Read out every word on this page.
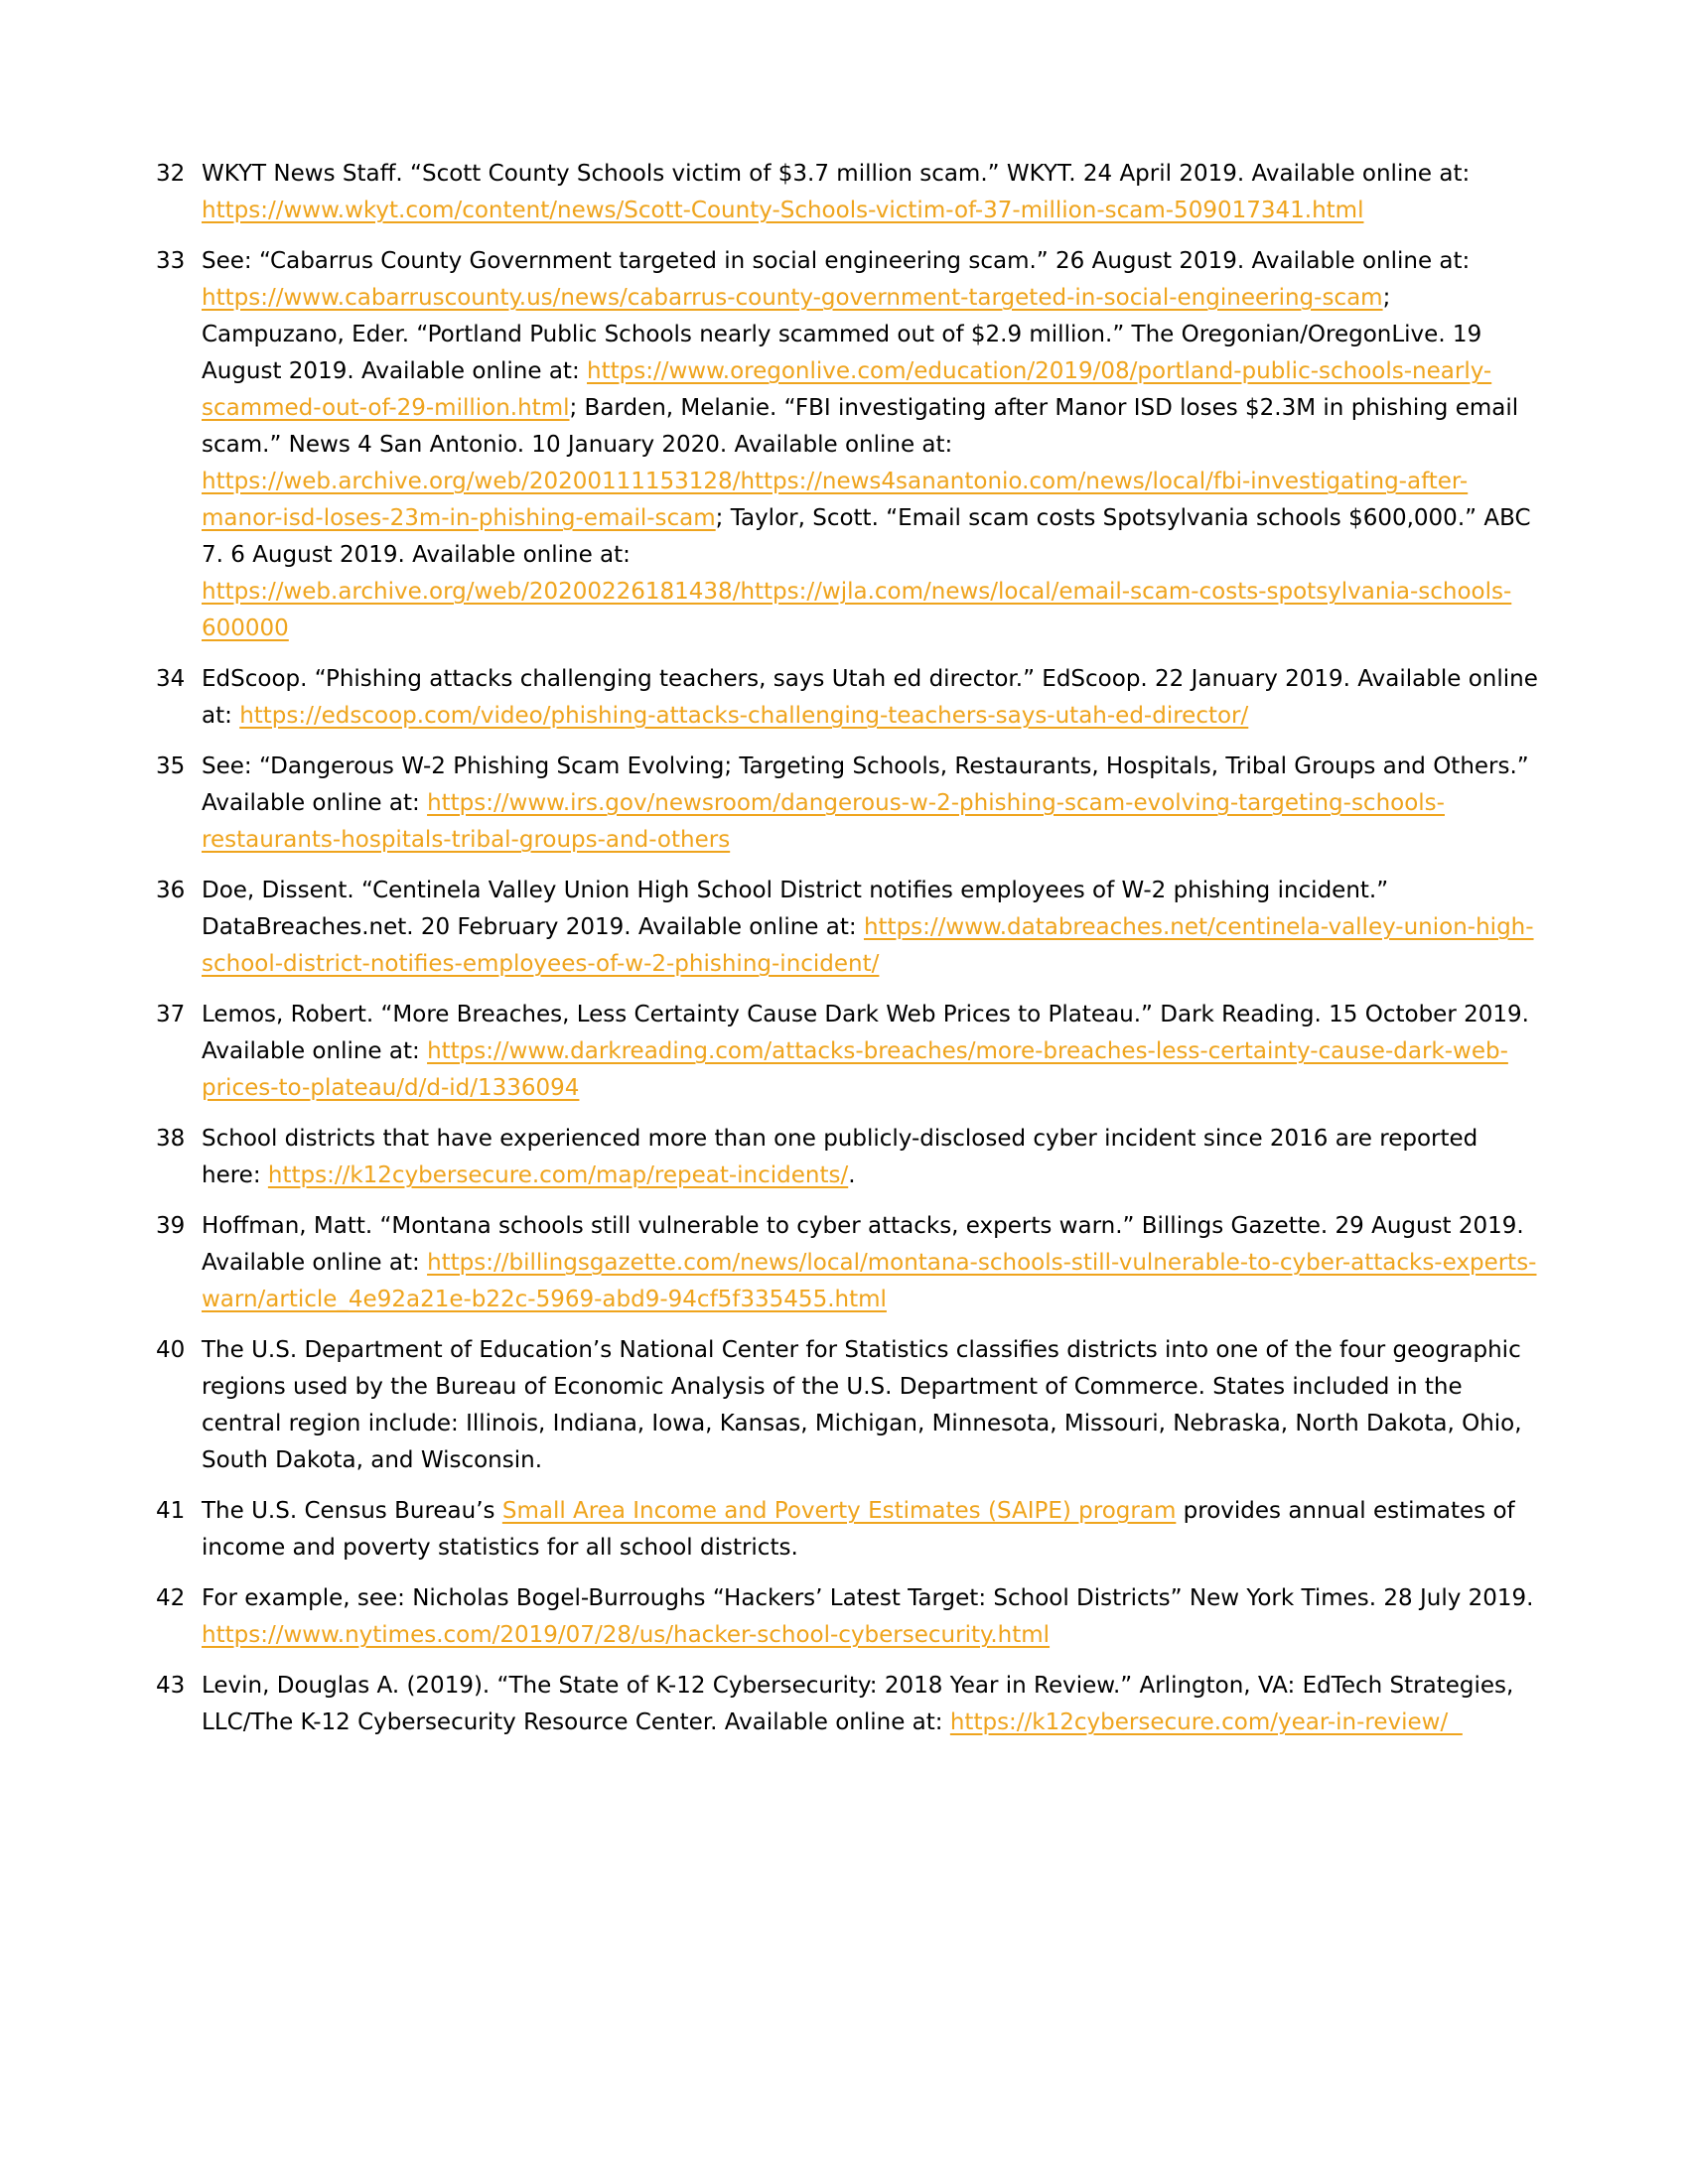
32 WKYT News Staff. “Scott County Schools victim of $3.7 million scam.” WKYT. 24 April 2019. Available online at: https://www.wkyt.com/content/news/Scott-County-Schools-victim-of-37-million-scam-509017341.html
33 See: “Cabarrus County Government targeted in social engineering scam.” 26 August 2019. Available online at: https://www.cabarruscounty.us/news/cabarrus-county-government-targeted-in-social-engineering-scam; Campuzano, Eder. “Portland Public Schools nearly scammed out of $2.9 million.” The Oregonian/OregonLive. 19 August 2019. Available online at: https://www.oregonlive.com/education/2019/08/portland-public-schools-nearly-scammed-out-of-29-million.html; Barden, Melanie. “FBI investigating after Manor ISD loses $2.3M in phishing email scam.” News 4 San Antonio. 10 January 2020. Available online at: https://web.archive.org/web/20200111153128/https://news4sanantonio.com/news/local/fbi-investigating-after-manor-isd-loses-23m-in-phishing-email-scam; Taylor, Scott. “Email scam costs Spotsylvania schools $600,000.” ABC 7. 6 August 2019. Available online at: https://web.archive.org/web/20200226181438/https://wjla.com/news/local/email-scam-costs-spotsylvania-schools-600000
34 EdScoop. “Phishing attacks challenging teachers, says Utah ed director.” EdScoop. 22 January 2019. Available online at: https://edscoop.com/video/phishing-attacks-challenging-teachers-says-utah-ed-director/
35 See: “Dangerous W-2 Phishing Scam Evolving; Targeting Schools, Restaurants, Hospitals, Tribal Groups and Others.” Available online at: https://www.irs.gov/newsroom/dangerous-w-2-phishing-scam-evolving-targeting-schools-restaurants-hospitals-tribal-groups-and-others
36 Doe, Dissent. “Centinela Valley Union High School District notifies employees of W-2 phishing incident.” DataBreaches.net. 20 February 2019. Available online at: https://www.databreaches.net/centinela-valley-union-high-school-district-notifies-employees-of-w-2-phishing-incident/
37 Lemos, Robert. “More Breaches, Less Certainty Cause Dark Web Prices to Plateau.” Dark Reading. 15 October 2019. Available online at: https://www.darkreading.com/attacks-breaches/more-breaches-less-certainty-cause-dark-web-prices-to-plateau/d/d-id/1336094
38 School districts that have experienced more than one publicly-disclosed cyber incident since 2016 are reported here: https://k12cybersecure.com/map/repeat-incidents/.
39 Hoffman, Matt. “Montana schools still vulnerable to cyber attacks, experts warn.” Billings Gazette. 29 August 2019. Available online at: https://billingsgazette.com/news/local/montana-schools-still-vulnerable-to-cyber-attacks-experts-warn/article_4e92a21e-b22c-5969-abd9-94cf5f335455.html
40 The U.S. Department of Education’s National Center for Statistics classifies districts into one of the four geographic regions used by the Bureau of Economic Analysis of the U.S. Department of Commerce. States included in the central region include: Illinois, Indiana, Iowa, Kansas, Michigan, Minnesota, Missouri, Nebraska, North Dakota, Ohio, South Dakota, and Wisconsin.
41 The U.S. Census Bureau’s Small Area Income and Poverty Estimates (SAIPE) program provides annual estimates of income and poverty statistics for all school districts.
42 For example, see: Nicholas Bogel-Burroughs “Hackers’ Latest Target: School Districts” New York Times. 28 July 2019. https://www.nytimes.com/2019/07/28/us/hacker-school-cybersecurity.html
43 Levin, Douglas A. (2019). “The State of K-12 Cybersecurity: 2018 Year in Review.” Arlington, VA: EdTech Strategies, LLC/The K-12 Cybersecurity Resource Center. Available online at: https://k12cybersecure.com/year-in-review/
